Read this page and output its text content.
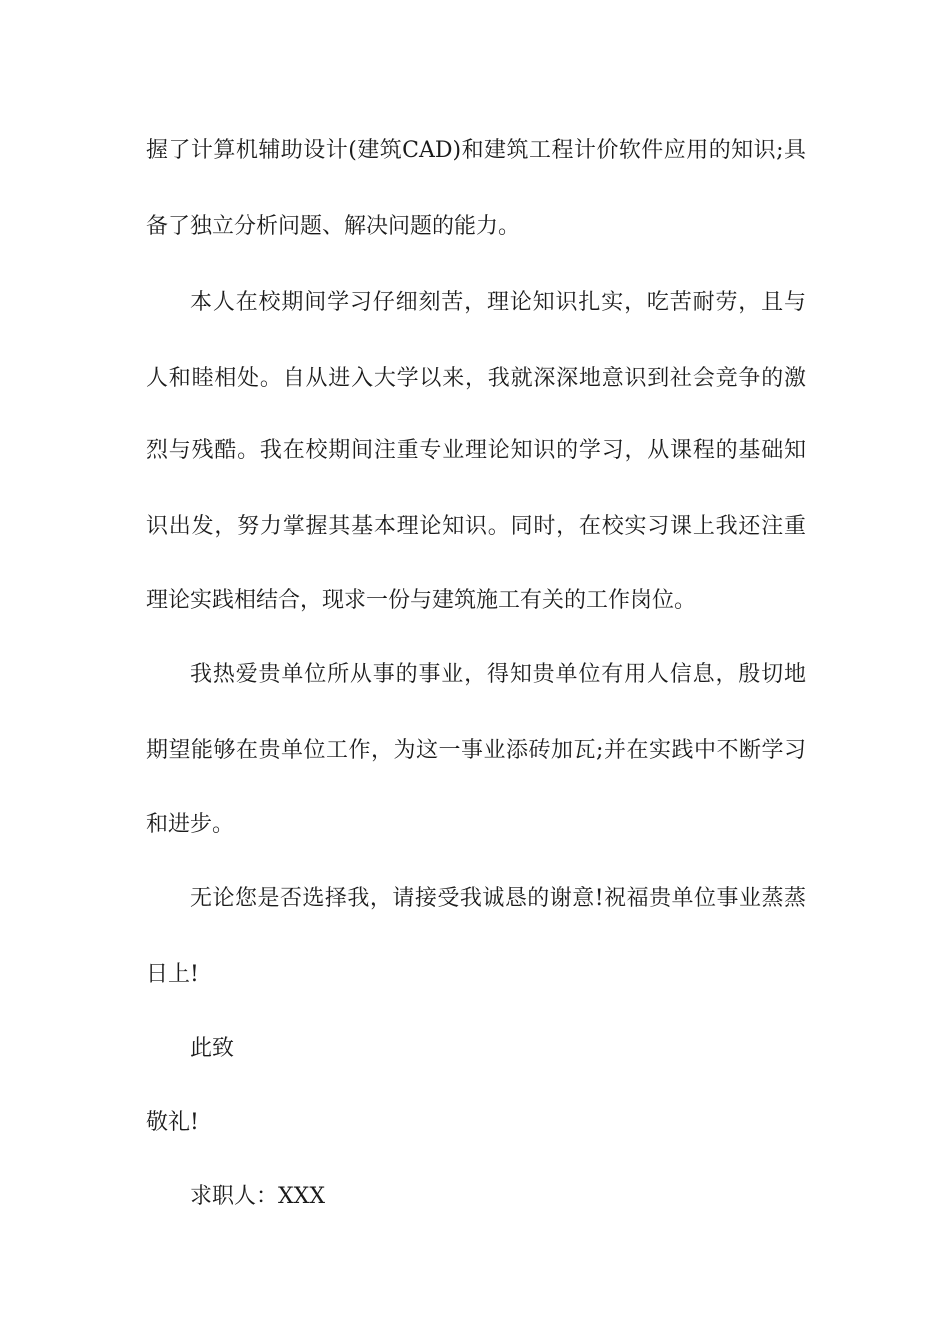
握了计算机辅助设计(建筑CAD)和建筑工程计价软件应用的知识;具
备了独立分析问题、解决问题的能力。
本人在校期间学习仔细刻苦，理论知识扎实，吃苦耐劳，且与
人和睦相处。自从进入大学以来，我就深深地意识到社会竞争的激
烈与残酷。我在校期间注重专业理论知识的学习，从课程的基础知
识出发，努力掌握其基本理论知识。同时，在校实习课上我还注重
理论实践相结合，现求一份与建筑施工有关的工作岗位。
我热爱贵单位所从事的事业，得知贵单位有用人信息，殷切地
期望能够在贵单位工作，为这一事业添砖加瓦;并在实践中不断学习
和进步。
无论您是否选择我，请接受我诚恳的谢意!祝福贵单位事业蒸蒸
日上!
此致
敬礼!
求职人：XXX
